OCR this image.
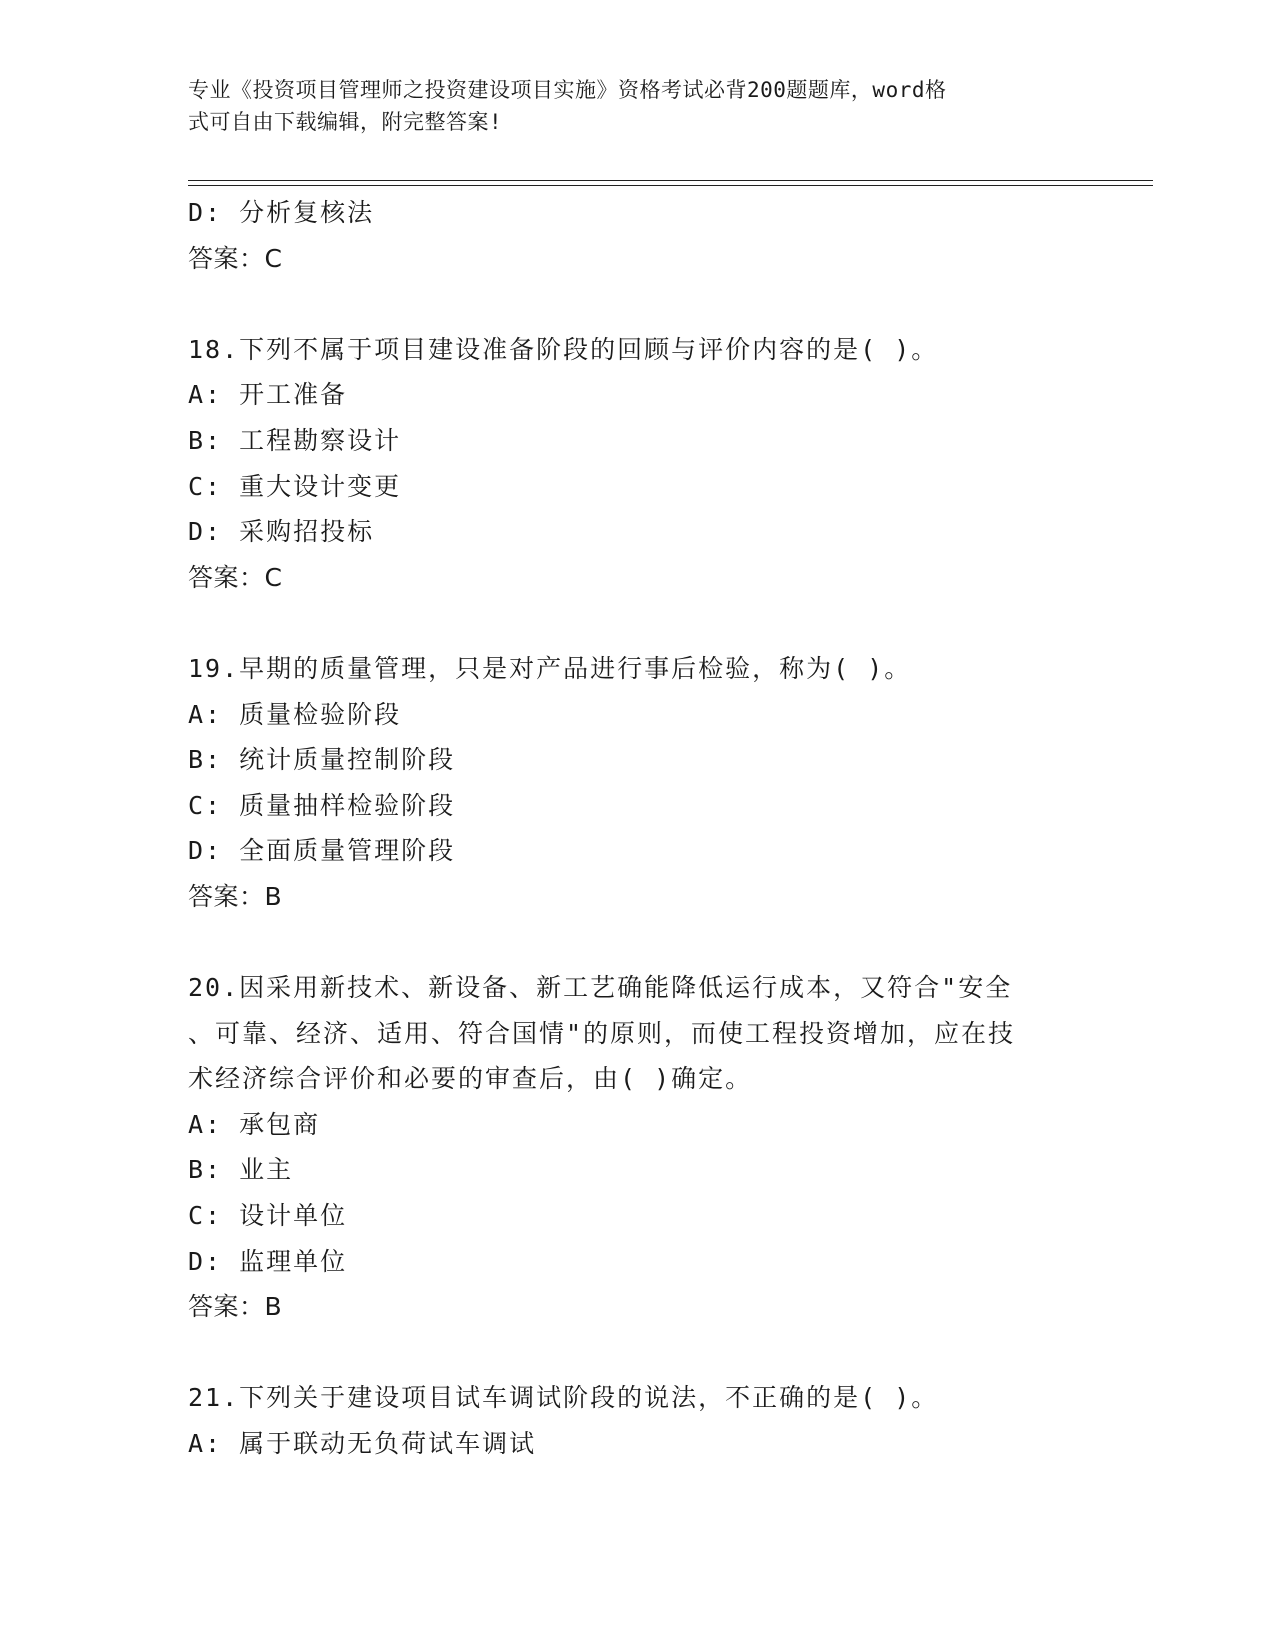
专业《投资项目管理师之投资建设项目实施》资格考试必背200题题库，word格
式可自由下载编辑，附完整答案!
D: 分析复核法
答案：C
18.下列不属于项目建设准备阶段的回顾与评价内容的是( )。
A: 开工准备
B: 工程勘察设计
C: 重大设计变更
D: 采购招投标
答案：C
19.早期的质量管理，只是对产品进行事后检验，称为( )。
A: 质量检验阶段
B: 统计质量控制阶段
C: 质量抽样检验阶段
D: 全面质量管理阶段
答案：B
20.因采用新技术、新设备、新工艺确能降低运行成本，又符合"安全
、可靠、经济、适用、符合国情"的原则，而使工程投资增加，应在技
术经济综合评价和必要的审查后，由( )确定。
A: 承包商
B: 业主
C: 设计单位
D: 监理单位
答案：B
21.下列关于建设项目试车调试阶段的说法，不正确的是( )。
A: 属于联动无负荷试车调试
